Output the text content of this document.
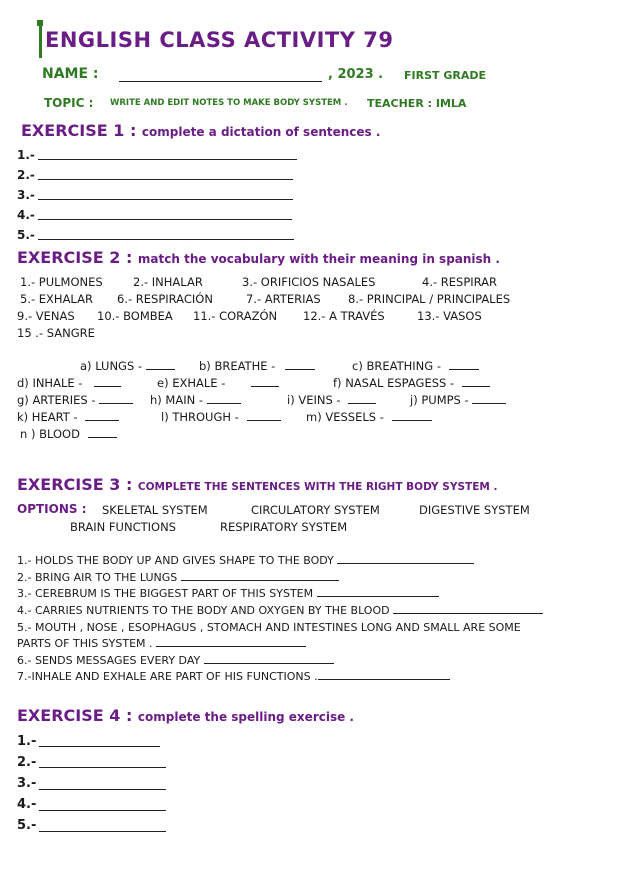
ENGLISH CLASS ACTIVITY 79
NAME :	, 2023 . FIRST GRADE
TOPIC : WRITE AND EDIT NOTES TO MAKE BODY SYSTEM . TEACHER : IMLA
EXERCISE 1 : complete a dictation of sentences .
1.-
2.-
3.-
4.-
5.-
EXERCISE 2 : match the vocabulary with their meaning in spanish .
1.- PULMONES	2.- INHALAR	3.- ORIFICIOS NASALES	4.- RESPIRAR
5.- EXHALAR 6.- RESPIRACIÓN	7.- ARTERIAS 8.- PRINCIPAL / PRINCIPALES
9.- VENAS 10.- BOMBEA 11.- CORAZÓN 12.- A TRAVÉS	13.- VASOS
15 .- SANGRE
a) LUNGS -	b) BREATHE -	c) BREATHING -
d) INHALE -	e) EXHALE -	f) NASAL ESPAGESS -
g) ARTERIES -	h) MAIN -	i) VEINS -	j) PUMPS -
k) HEART -	l) THROUGH -	m) VESSELS -
n ) BLOOD
EXERCISE 3 : COMPLETE THE SENTENCES WITH THE RIGHT BODY SYSTEM .
OPTIONS : SKELETAL SYSTEM	CIRCULATORY SYSTEM	DIGESTIVE SYSTEM
BRAIN FUNCTIONS	RESPIRATORY SYSTEM
1.- HOLDS THE BODY UP AND GIVES SHAPE TO THE BODY
2.- BRING AIR TO THE LUNGS
3.- CEREBRUM IS THE BIGGEST PART OF THIS SYSTEM
4.- CARRIES NUTRIENTS TO THE BODY AND OXYGEN BY THE BLOOD
5.- MOUTH , NOSE , ESOPHAGUS , STOMACH AND INTESTINES LONG AND SMALL ARE SOME
PARTS OF THIS SYSTEM .
6.- SENDS MESSAGES EVERY DAY
7.-INHALE AND EXHALE ARE PART OF HIS FUNCTIONS .
EXERCISE 4 : complete the spelling exercise .
1.-
2.-
3.-
4.-
5.-
